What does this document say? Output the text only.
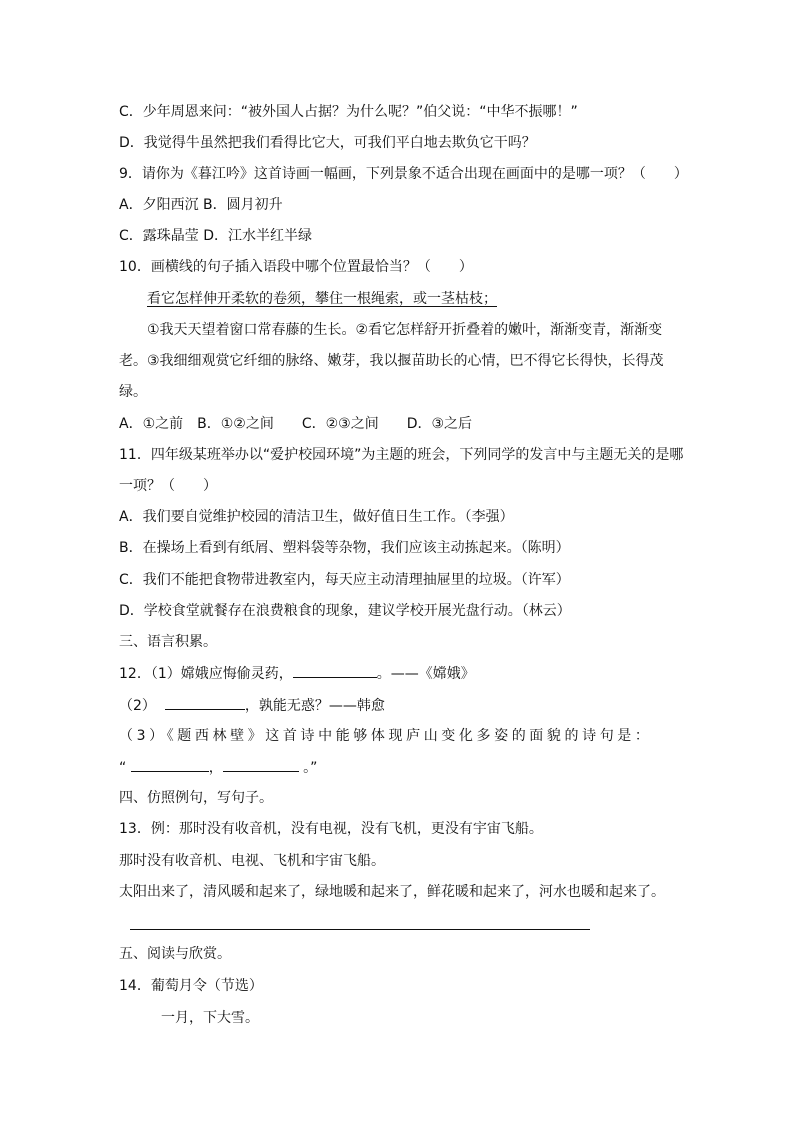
C．少年周恩来问：“被外国人占据？为什么呢？”伯父说：“中华不振哪！”
D．我觉得牛虽然把我们看得比它大，可我们平白地去欺负它干吗？
9．请你为《暮江吟》这首诗画一幅画，下列景象不适合出现在画面中的是哪一项？（　　）
A．夕阳西沉 B．圆月初升
C．露珠晶莹 D．江水半红半绿
10．画横线的句子插入语段中哪个位置最恰当？（　　）
看它怎样伸开柔软的卷须，攀住一根绳索，或一茎枯枝；
①我天天望着窗口常春藤的生长。②看它怎样舒开折叠着的嫩叶，渐渐变青，渐渐变
老。③我细细观赏它纤细的脉络、嫩芽，我以揠苗助长的心情，巴不得它长得快，长得茂
绿。
A．①之前　B．①②之间　　C．②③之间　　D．③之后
11．四年级某班举办以“爱护校园环境”为主题的班会，下列同学的发言中与主题无关的是哪
一项？（　　）
A．我们要自觉维护校园的清洁卫生，做好值日生工作。（李强）
B．在操场上看到有纸屑、塑料袋等杂物，我们应该主动拣起来。（陈明）
C．我们不能把食物带进教室内，每天应主动清理抽屉里的垃圾。（许军）
D．学校食堂就餐存在浪费粮食的现象，建议学校开展光盘行动。（林云）
三、语言积累。
12．（1）嫦娥应悔偷灵药，	。——《嫦娥》
（2）	，孰能无惑？——韩愈
（3）《题西林壁》这首诗中能够体现庐山变化多姿的面貌的诗句是：
“	，	。”
四、仿照例句，写句子。
13．例：那时没有收音机，没有电视，没有飞机，更没有宇宙飞船。
那时没有收音机、电视、飞机和宇宙飞船。
太阳出来了，清风暖和起来了，绿地暖和起来了，鲜花暖和起来了，河水也暖和起来了。
五、阅读与欣赏。
14．葡萄月令（节选）
一月，下大雪。
